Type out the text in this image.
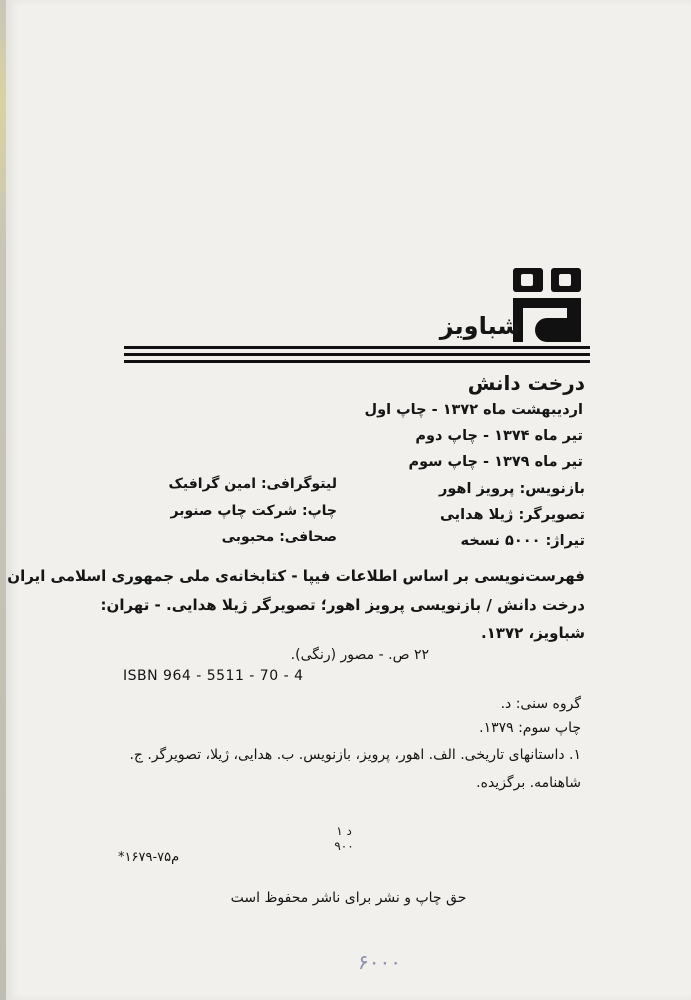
شباویز
درخت دانش
اردیبهشت ماه ۱۳۷۲ - چاپ اول
تیر ماه ۱۳۷۴ - چاپ دوم
تیر ماه ۱۳۷۹ - چاپ سوم
بازنویس: پرویز اهور
تصویرگر: ژیلا هدایی
تیراژ: ۵۰۰۰ نسخه
لیتوگرافی: امین گرافیک
چاپ: شرکت چاپ صنوبر
صحافی: محبوبی
فهرست‌نویسی بر اساس اطلاعات فیپا - کتابخانه‌ی ملی جمهوری اسلامی ایران
درخت دانش / بازنویسی پرویز اهور؛ تصویرگر ژیلا هدایی. - تهران:
شباویز، ۱۳۷۲.
۲۲ ص. - مصور (رنگی).
ISBN 964 - 5511 - 70 - 4
گروه سنی: د.
چاپ سوم: ۱۳۷۹.
۱. داستانهای تاریخی. الف. اهور، پرویز، بازنویس. ب. هدایی، ژیلا، تصویرگر. ج.
شاهنامه. برگزیده.
د ۱
۹۰۰
م۷۵-۱۶۷۹*
حق چاپ و نشر برای ناشر محفوظ است
۶۰۰۰
